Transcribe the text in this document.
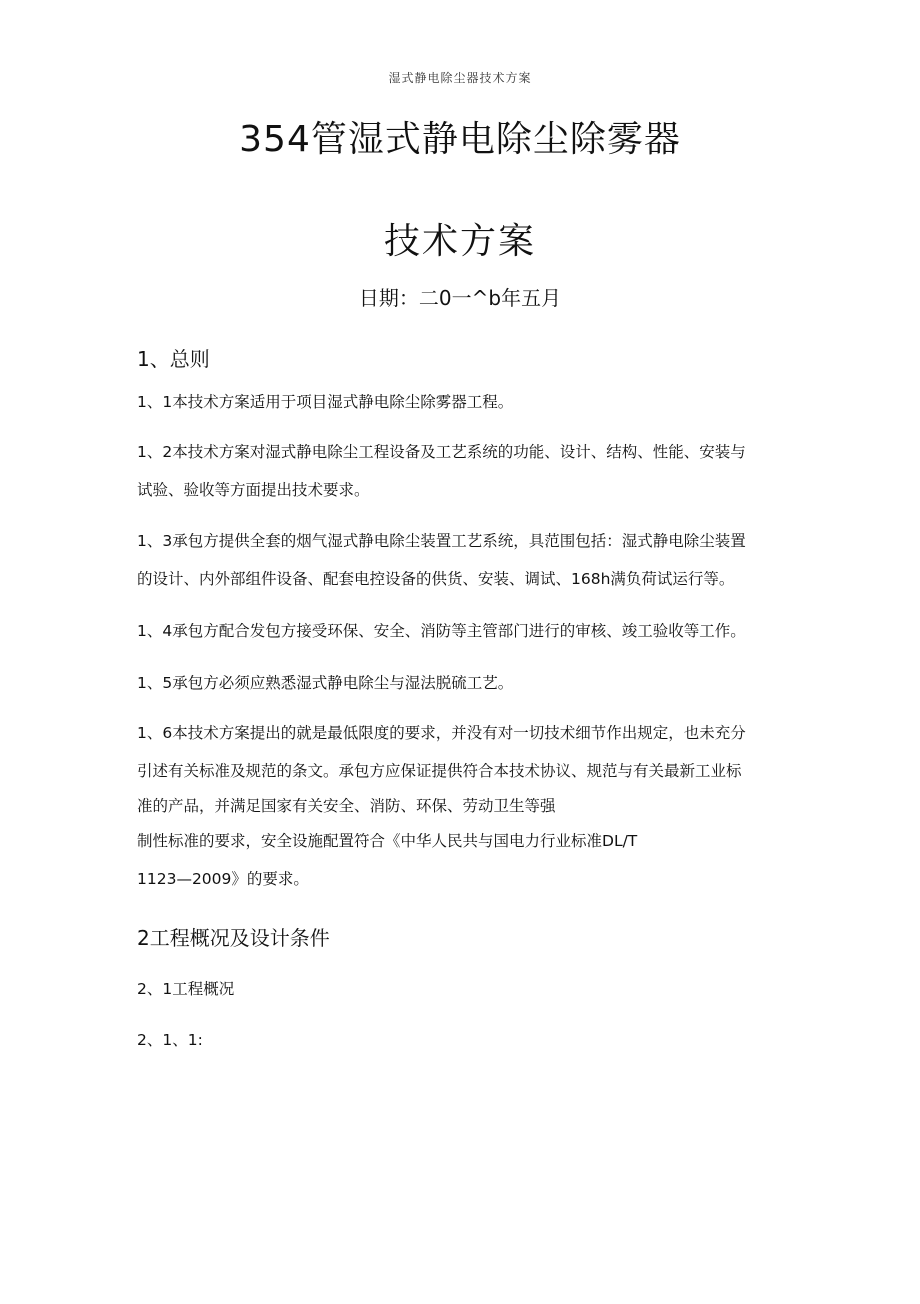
湿式静电除尘器技术方案
354管湿式静电除尘除雾器
技术方案
日期：二0一^b年五月
1、总则
1、1本技术方案适用于项目湿式静电除尘除雾器工程。
1、2本技术方案对湿式静电除尘工程设备及工艺系统的功能、设计、结构、性能、安装与
试验、验收等方面提出技术要求。
1、3承包方提供全套的烟气湿式静电除尘装置工艺系统，具范围包括：湿式静电除尘装置
的设计、内外部组件设备、配套电控设备的供货、安装、调试、168h满负荷试运行等。
1、4承包方配合发包方接受环保、安全、消防等主管部门进行的审核、竣工验收等工作。
1、5承包方必须应熟悉湿式静电除尘与湿法脱硫工艺。
1、6本技术方案提出的就是最低限度的要求，并没有对一切技术细节作出规定，也未充分
引述有关标准及规范的条文。承包方应保证提供符合本技术协议、规范与有关最新工业标
准的产品，并满足国家有关安全、消防、环保、劳动卫生等强
制性标准的要求，安全设施配置符合《中华人民共与国电力行业标准DL/T
1123—2009》的要求。
2工程概况及设计条件
2、1工程概况
2、1、1:
